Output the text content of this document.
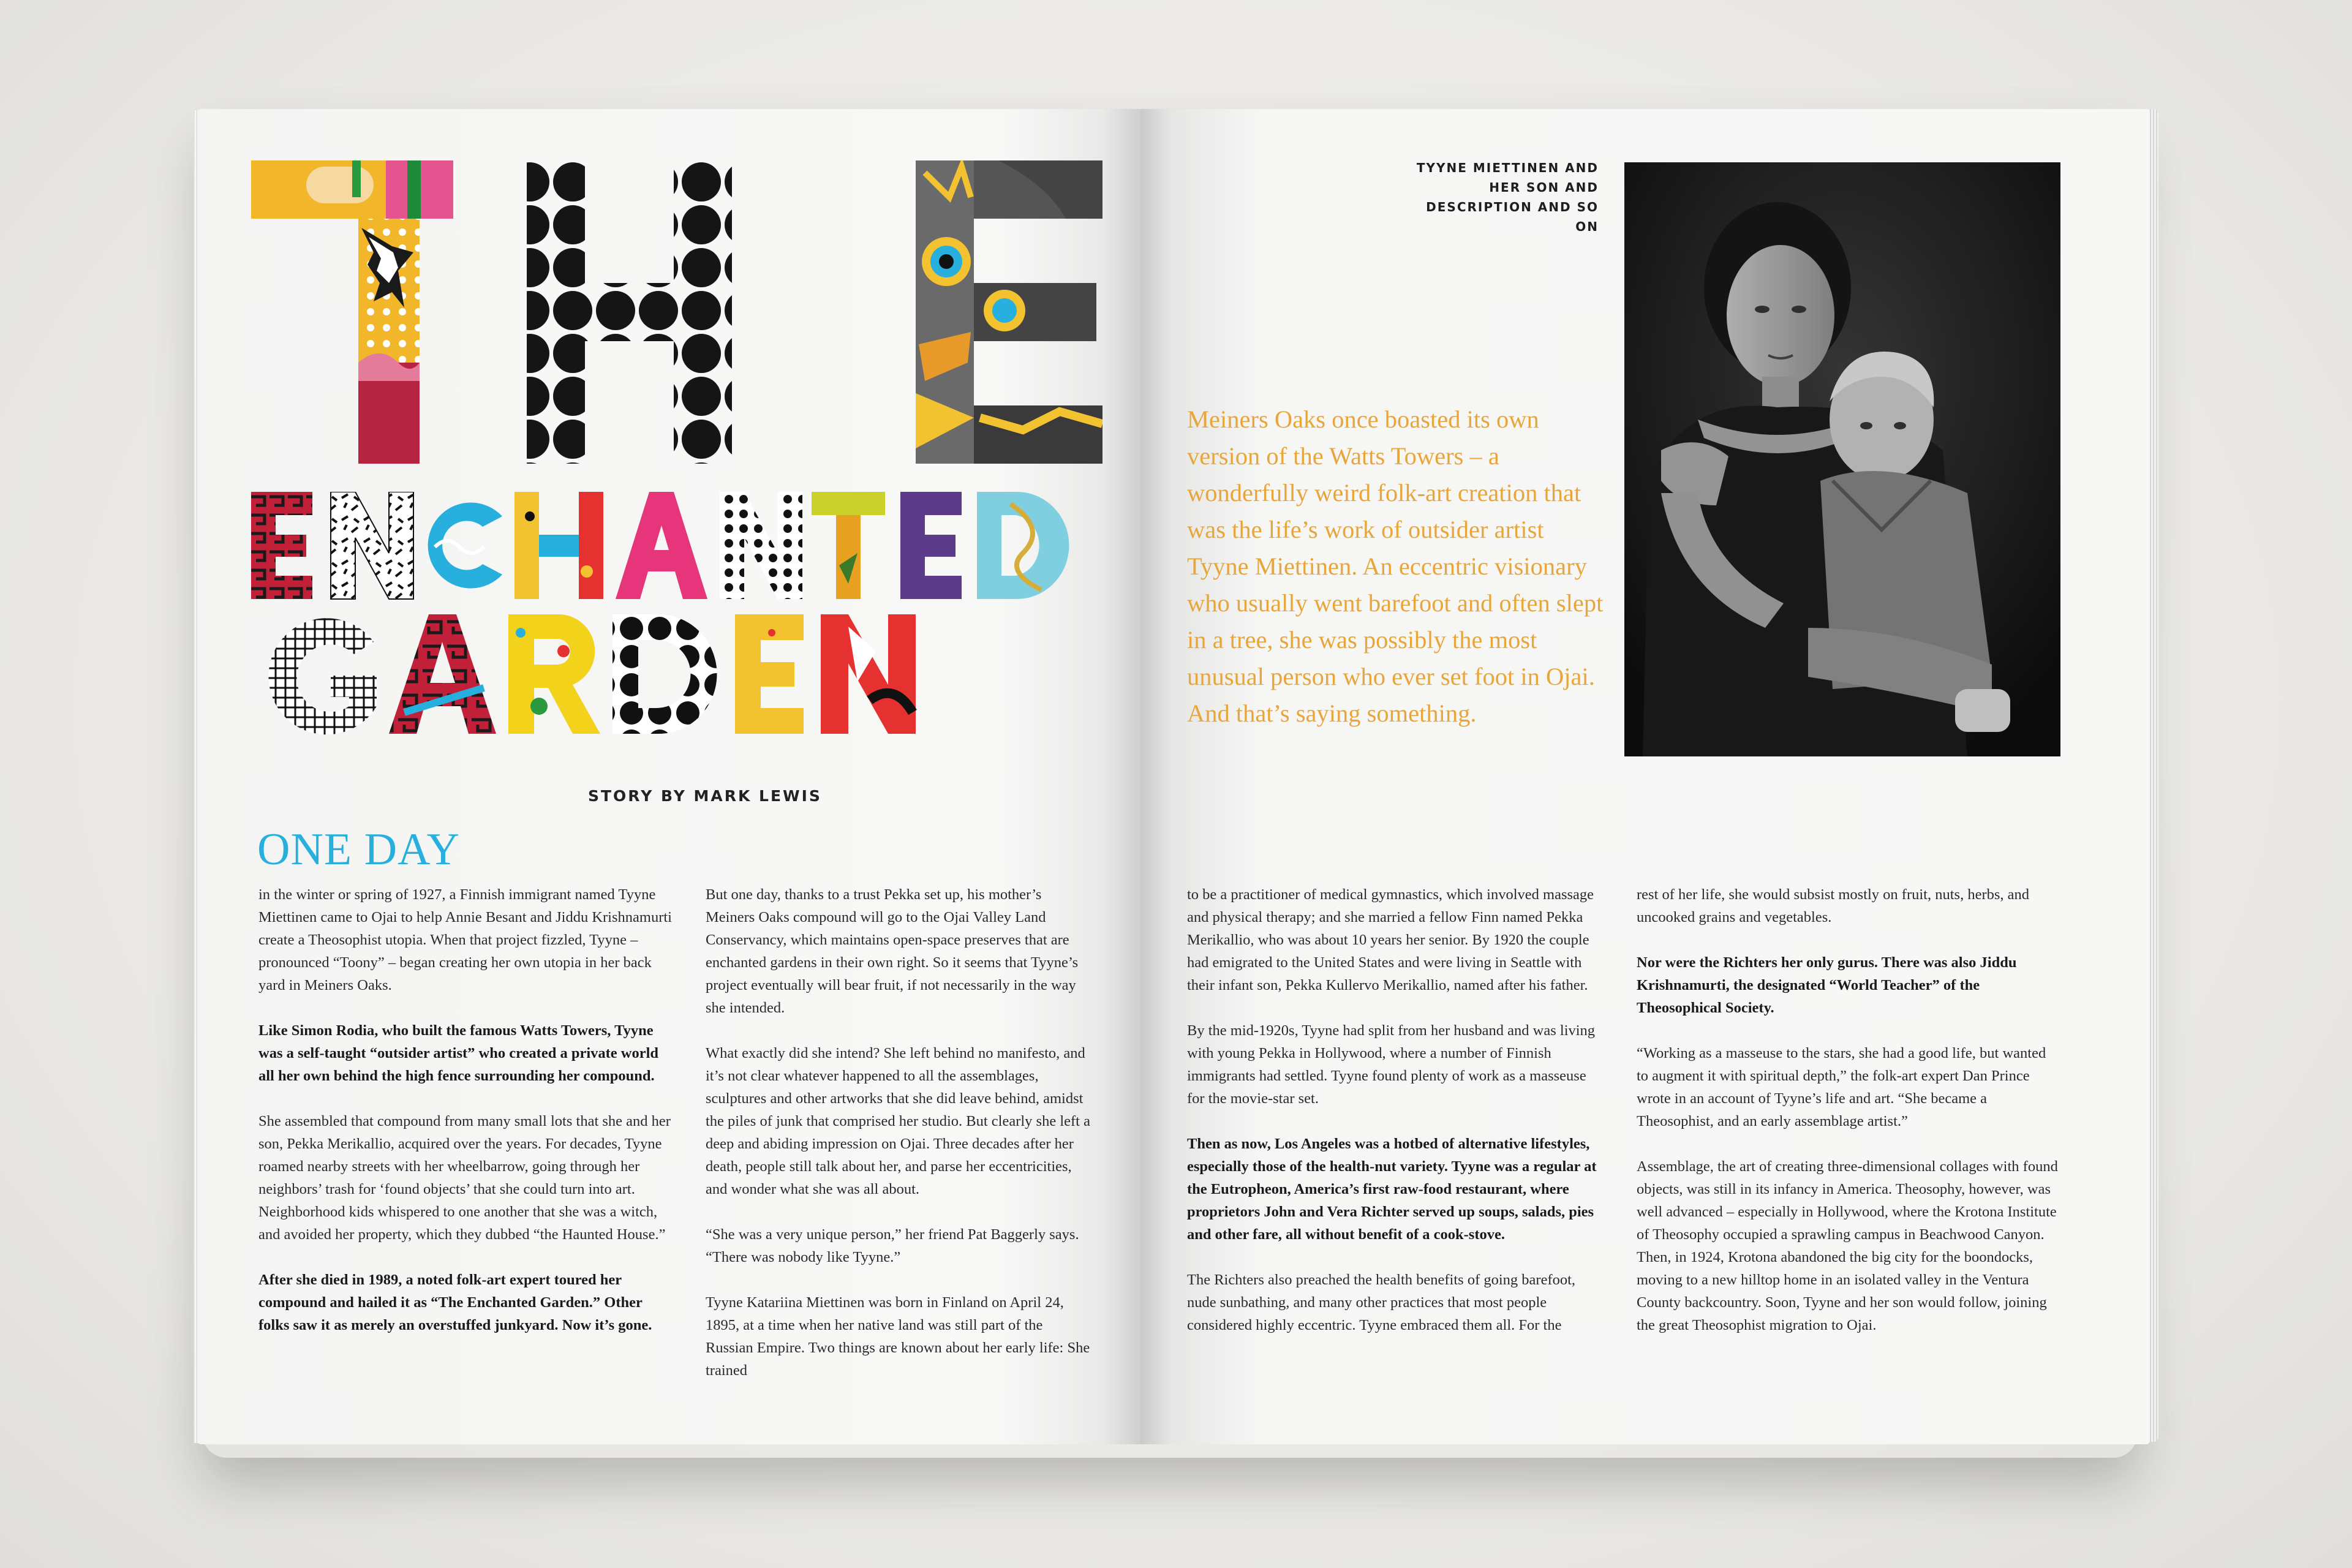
STORY BY MARK LEWIS
ONE DAY

in the winter or spring of 1927, a Finnish immigrant named Tyyne Miettinen came to Ojai to help Annie Besant and Jiddu Krishnamurti create a Theosophist utopia. When that project fizzled, Tyyne – pronounced “Toony” – began creating her own utopia in her back yard in Meiners Oaks.

Like Simon Rodia, who built the famous Watts Towers, Tyyne was a self-taught “outsider artist” who created a private world all her own behind the high fence surrounding her compound.

She assembled that compound from many small lots that she and her son, Pekka Merikallio, acquired over the years. For decades, Tyyne roamed nearby streets with her wheelbarrow, going through her neighbors’ trash for ‘found objects’ that she could turn into art. Neighborhood kids whispered to one another that she was a witch, and avoided her property, which they dubbed “the Haunted House.”

After she died in 1989, a noted folk-art expert toured her compound and hailed it as “The Enchanted Garden.” Other folks saw it as merely an overstuffed junkyard. Now it’s gone.

But one day, thanks to a trust Pekka set up, his mother’s Meiners Oaks compound will go to the Ojai Valley Land Conservancy, which maintains open-space preserves that are enchanted gardens in their own right. So it seems that Tyyne’s project eventually will bear fruit, if not necessarily in the way she intended.

What exactly did she intend? She left behind no manifesto, and it’s not clear whatever happened to all the assemblages, sculptures and other artworks that she did leave behind, amidst the piles of junk that comprised her studio. But clearly she left a deep and abiding impression on Ojai. Three decades after her death, people still talk about her, and parse her eccentricities, and wonder what she was all about.

“She was a very unique person,” her friend Pat Baggerly says. “There was nobody like Tyyne.”

Tyyne Katariina Miettinen was born in Finland on April 24, 1895, at a time when her native land was still part of the Russian Empire. Two things are known about her early life: She trained

TYYNE MIETTINEN AND HER SON AND DESCRIPTION AND SO ON
Meiners Oaks once boasted its own version of the Watts Towers – a wonderfully weird folk-art creation that was the life’s work of outsider artist Tyyne Miettinen. An eccentric visionary who usually went barefoot and often slept in a tree, she was possibly the most unusual person who ever set foot in Ojai. And that’s saying something.

to be a practitioner of medical gymnastics, which involved massage and physical therapy; and she married a fellow Finn named Pekka Merikallio, who was about 10 years her senior. By 1920 the couple had emigrated to the United States and were living in Seattle with their infant son, Pekka Kullervo Merikallio, named after his father.

By the mid-1920s, Tyyne had split from her husband and was living with young Pekka in Hollywood, where a number of Finnish immigrants had settled. Tyyne found plenty of work as a masseuse for the movie-star set.

Then as now, Los Angeles was a hotbed of alternative lifestyles, especially those of the health-nut variety. Tyyne was a regular at the Eutropheon, America’s first raw-food restaurant, where proprietors John and Vera Richter served up soups, salads, pies and other fare, all without benefit of a cook-stove.

The Richters also preached the health benefits of going barefoot, nude sunbathing, and many other practices that most people considered highly eccentric. Tyyne embraced them all. For the

rest of her life, she would subsist mostly on fruit, nuts, herbs, and uncooked grains and vegetables.

Nor were the Richters her only gurus. There was also Jiddu Krishnamurti, the designated “World Teacher” of the Theosophical Society.

“Working as a masseuse to the stars, she had a good life, but wanted to augment it with spiritual depth,” the folk-art expert Dan Prince wrote in an account of Tyyne’s life and art. “She became a Theosophist, and an early assemblage artist.”

Assemblage, the art of creating three-dimensional collages with found objects, was still in its infancy in America. Theosophy, however, was well advanced – especially in Hollywood, where the Krotona Institute of Theosophy occupied a sprawling campus in Beachwood Canyon. Then, in 1924, Krotona abandoned the big city for the boondocks, moving to a new hilltop home in an isolated valley in the Ventura County backcountry. Soon, Tyyne and her son would follow, joining the great Theosophist migration to Ojai.
